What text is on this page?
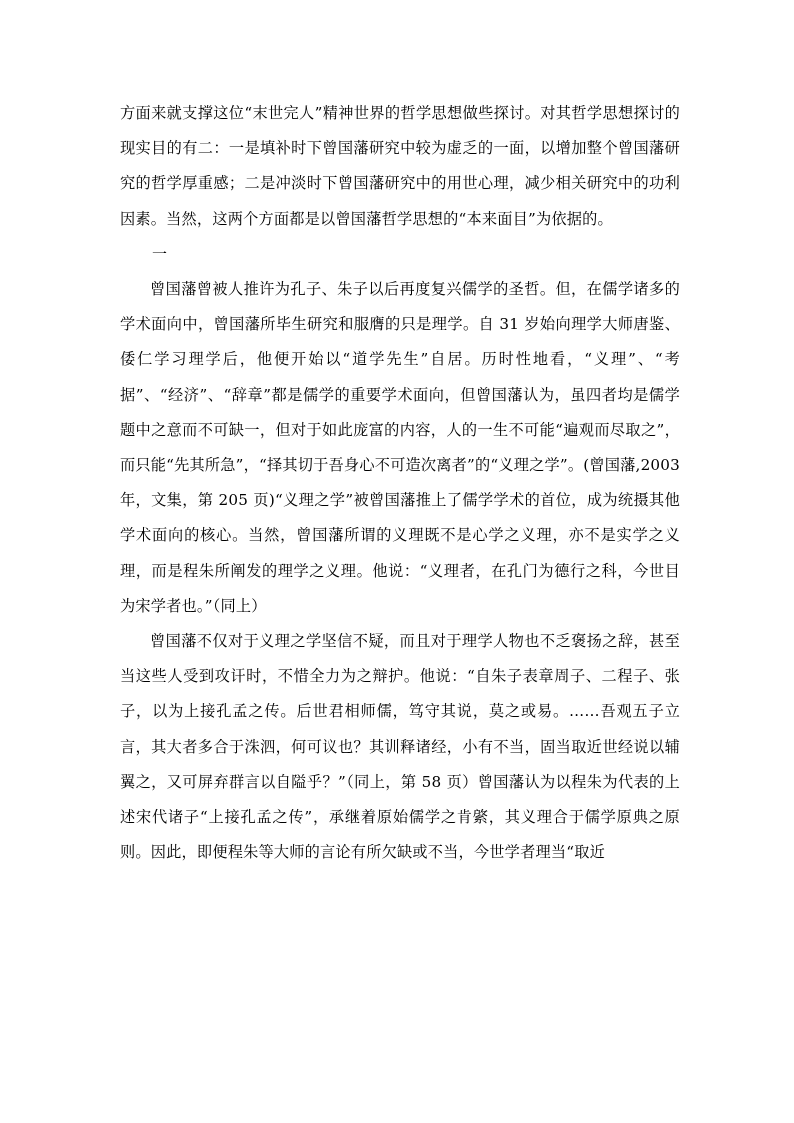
方面来就支撑这位“末世完人”精神世界的哲学思想做些探讨。对其哲学思想探讨的现实目的有二：一是填补时下曾国藩研究中较为虚乏的一面，以增加整个曾国藩研究的哲学厚重感；二是冲淡时下曾国藩研究中的用世心理，减少相关研究中的功利因素。当然，这两个方面都是以曾国藩哲学思想的“本来面目”为依据的。

一

曾国藩曾被人推许为孔子、朱子以后再度复兴儒学的圣哲。但，在儒学诸多的学术面向中，曾国藩所毕生研究和服膺的只是理学。自 31 岁始向理学大师唐鉴、倭仁学习理学后，他便开始以“道学先生”自居。历时性地看，“义理”、“考据”、“经济”、“辞章”都是儒学的重要学术面向，但曾国藩认为，虽四者均是儒学题中之意而不可缺一，但对于如此庞富的内容，人的一生不可能“遍观而尽取之”，而只能“先其所急”，“择其切于吾身心不可造次离者”的“义理之学”。(曾国藩,2003 年，文集，第 205 页)“义理之学”被曾国藩推上了儒学学术的首位，成为统摄其他学术面向的核心。当然，曾国藩所谓的义理既不是心学之义理，亦不是实学之义理，而是程朱所阐发的理学之义理。他说：“义理者，在孔门为德行之科，今世目为宋学者也。”（同上）

曾国藩不仅对于义理之学坚信不疑，而且对于理学人物也不乏褒扬之辞，甚至当这些人受到攻讦时，不惜全力为之辩护。他说：“自朱子表章周子、二程子、张子，以为上接孔孟之传。后世君相师儒，笃守其说，莫之或易。……吾观五子立言，其大者多合于洙泗，何可议也？其训释诸经，小有不当，固当取近世经说以辅翼之，又可屏弃群言以自隘乎？”（同上，第 58 页）曾国藩认为以程朱为代表的上述宋代诸子“上接孔孟之传”，承继着原始儒学之肯綮，其义理合于儒学原典之原则。因此，即便程朱等大师的言论有所欠缺或不当，今世学者理当“取近
